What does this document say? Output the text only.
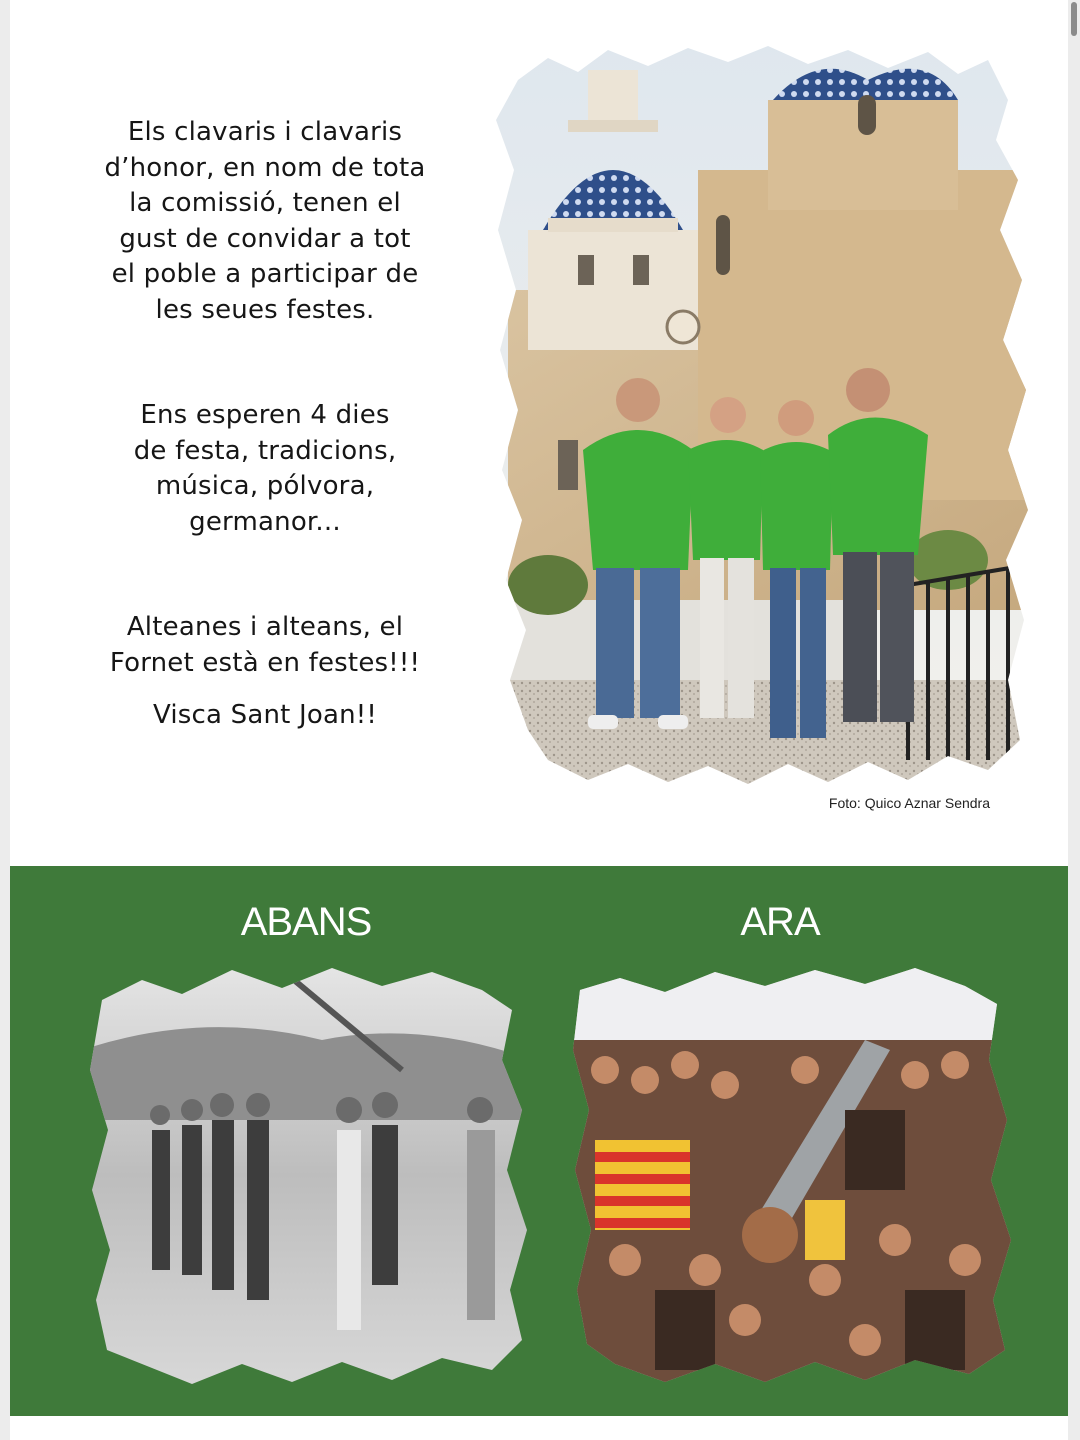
Els clavaris i clavaris
d’honor, en nom de tota
la comissió, tenen el
gust de convidar a tot
el poble a participar de
les seues festes.
Ens esperen 4 dies
de festa, tradicions,
música, pólvora,
germanor...
Alteanes i alteans, el
Fornet està en festes!!!
Visca Sant Joan!!
Foto: Quico Aznar Sendra
ABANS	ARA
